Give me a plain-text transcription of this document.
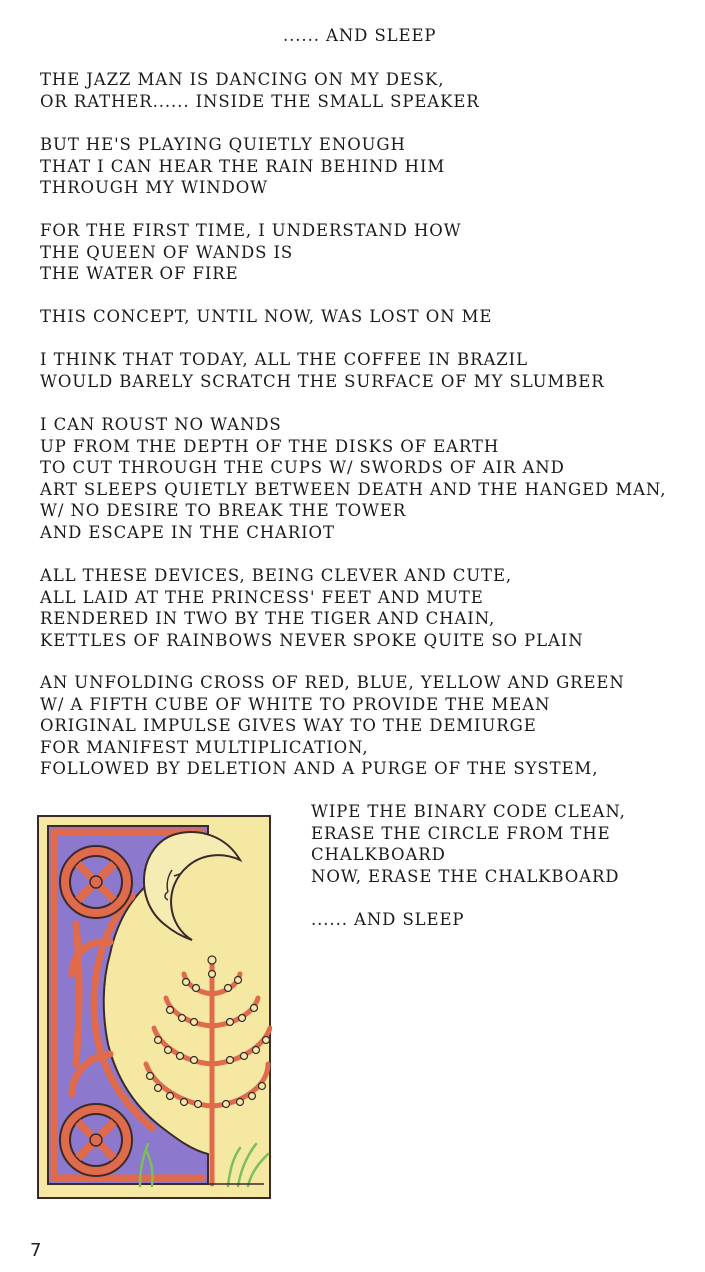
...... AND SLEEP
THE JAZZ MAN IS DANCING ON MY DESK,
OR RATHER...... INSIDE THE SMALL SPEAKER
BUT HE'S PLAYING QUIETLY ENOUGH
THAT I CAN HEAR THE RAIN BEHIND HIM
THROUGH MY WINDOW
FOR THE FIRST TIME, I UNDERSTAND HOW
THE QUEEN OF WANDS IS
THE WATER OF FIRE
THIS CONCEPT, UNTIL NOW, WAS LOST ON ME
I THINK THAT TODAY, ALL THE COFFEE IN BRAZIL
WOULD BARELY SCRATCH THE SURFACE OF MY SLUMBER
I CAN ROUST NO WANDS
UP FROM THE DEPTH OF THE DISKS OF EARTH
TO CUT THROUGH THE CUPS W/ SWORDS OF AIR AND
ART SLEEPS QUIETLY BETWEEN DEATH AND THE HANGED MAN,
W/ NO DESIRE TO BREAK THE TOWER
AND ESCAPE IN THE CHARIOT
ALL THESE DEVICES, BEING CLEVER AND CUTE,
ALL LAID AT THE PRINCESS' FEET AND MUTE
RENDERED IN TWO BY THE TIGER AND CHAIN,
KETTLES OF RAINBOWS NEVER SPOKE QUITE SO PLAIN
AN UNFOLDING CROSS OF RED, BLUE, YELLOW AND GREEN
W/ A FIFTH CUBE OF WHITE TO PROVIDE THE MEAN
ORIGINAL IMPULSE GIVES WAY TO THE DEMIURGE
FOR MANIFEST MULTIPLICATION,
FOLLOWED BY DELETION AND A PURGE OF THE SYSTEM,
WIPE THE BINARY CODE CLEAN,
ERASE THE CIRCLE FROM THE
CHALKBOARD
NOW, ERASE THE CHALKBOARD
...... AND SLEEP
7
